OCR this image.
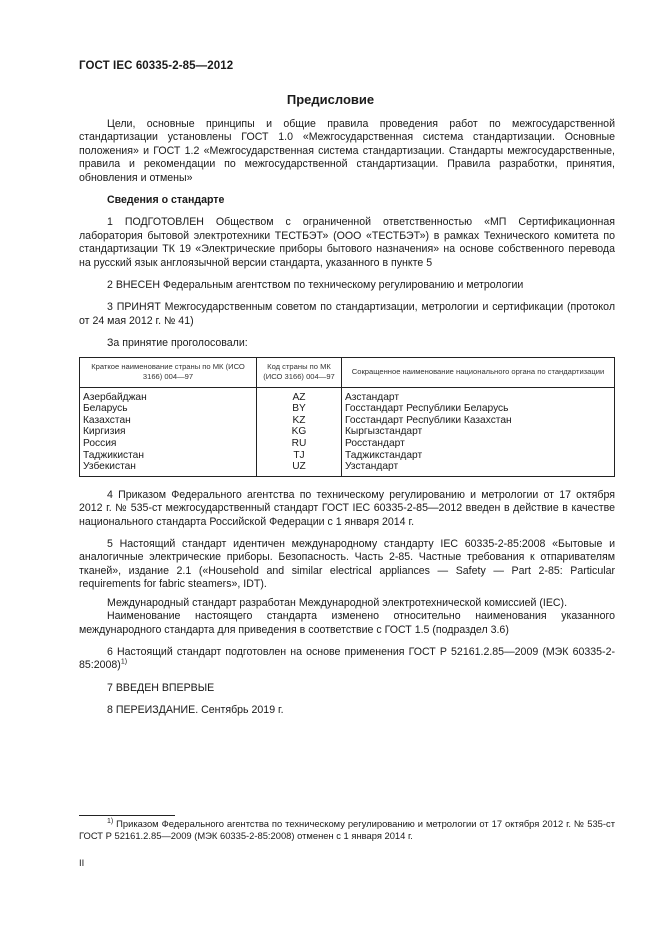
ГОСТ IEC 60335-2-85—2012
Предисловие

Цели, основные принципы и общие правила проведения работ по межгосударственной стандартизации установлены ГОСТ 1.0 «Межгосударственная система стандартизации. Основные положения» и ГОСТ 1.2 «Межгосударственная система стандартизации. Стандарты межгосударственные, правила и рекомендации по межгосударственной стандартизации. Правила разработки, принятия, обновления и отмены»

Сведения о стандарте

1 ПОДГОТОВЛЕН Обществом с ограниченной ответственностью «МП Сертификационная лаборатория бытовой электротехники ТЕСТБЭТ» (ООО «ТЕСТБЭТ») в рамках Технического комитета по стандартизации ТК 19 «Электрические приборы бытового назначения» на основе собственного перевода на русский язык англоязычной версии стандарта, указанного в пункте 5

2 ВНЕСЕН Федеральным агентством по техническому регулированию и метрологии

3 ПРИНЯТ Межгосударственным советом по стандартизации, метрологии и сертификации (протокол от 24 мая 2012 г. № 41)

За принятие проголосовали:

Краткое наименование страны по МК (ИСО 3166) 004—97	Код страны по МК (ИСО 3166) 004—97	Сокращенное наименование национального органа по стандартизации
Азербайджан	AZ	Азстандарт
Беларусь	BY	Госстандарт Республики Беларусь
Казахстан	KZ	Госстандарт Республики Казахстан
Киргизия	KG	Кыргызстандарт
Россия	RU	Росстандарт
Таджикистан	TJ	Таджикстандарт
Узбекистан	UZ	Узстандарт

4 Приказом Федерального агентства по техническому регулированию и метрологии от 17 октября 2012 г. № 535-ст межгосударственный стандарт ГОСТ IEC 60335-2-85—2012 введен в действие в качестве национального стандарта Российской Федерации с 1 января 2014 г.

5 Настоящий стандарт идентичен международному стандарту IEC 60335-2-85:2008 «Бытовые и аналогичные электрические приборы. Безопасность. Часть 2-85. Частные требования к отпаривателям тканей», издание 2.1 («Household and similar electrical appliances — Safety — Part 2-85: Particular requirements for fabric steamers», IDT).

Международный стандарт разработан Международной электротехнической комиссией (IEC).

Наименование настоящего стандарта изменено относительно наименования указанного международного стандарта для приведения в соответствие с ГОСТ 1.5 (подраздел 3.6)

6 Настоящий стандарт подготовлен на основе применения ГОСТ Р 52161.2.85—2009 (МЭК 60335-2-85:2008)$^{1)}$

7 ВВЕДЕН ВПЕРВЫЕ

8 ПЕРЕИЗДАНИЕ. Сентябрь 2019 г.

$^{1)}$ Приказом Федерального агентства по техническому регулированию и метрологии от 17 октября 2012 г. № 535-ст ГОСТ Р 52161.2.85—2009 (МЭК 60335-2-85:2008) отменен с 1 января 2014 г.

II
